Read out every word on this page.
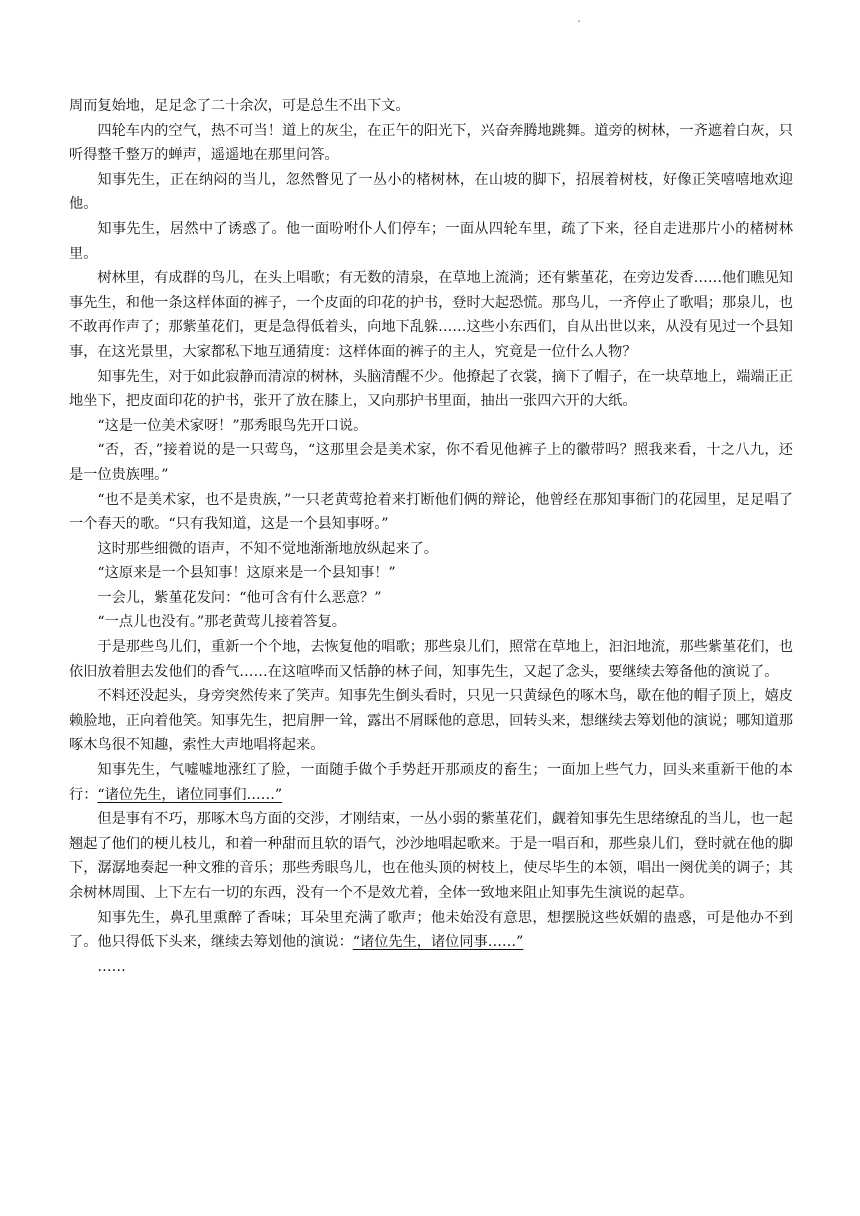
.

周而复始地，足足念了二十余次，可是总生不出下文。

四轮车内的空气，热不可当！道上的灰尘，在正午的阳光下，兴奋奔腾地跳舞。道旁的树林，一齐遮着白灰，只听得整千整万的蝉声，遥遥地在那里问答。

知事先生，正在纳闷的当儿，忽然瞥见了一丛小的楮树林，在山坡的脚下，招展着树枝，好像正笑嘻嘻地欢迎他。

知事先生，居然中了诱惑了。他一面吩咐仆人们停车；一面从四轮车里，疏了下来，径自走进那片小的楮树林里。

树林里，有成群的鸟儿，在头上唱歌；有无数的清泉，在草地上流淌；还有紫堇花，在旁边发香……他们瞧见知事先生，和他一条这样体面的裤子，一个皮面的印花的护书，登时大起恐慌。那鸟儿，一齐停止了歌唱；那泉儿，也不敢再作声了；那紫堇花们，更是急得低着头，向地下乱躲……这些小东西们，自从出世以来，从没有见过一个县知事，在这光景里，大家都私下地互通猜度：这样体面的裤子的主人，究竟是一位什么人物？

知事先生，对于如此寂静而清凉的树林，头脑清醒不少。他撩起了衣裳，摘下了帽子，在一块草地上，端端正正地坐下，把皮面印花的护书，张开了放在膝上，又向那护书里面，抽出一张四六开的大纸。

“这是一位美术家呀！”那秀眼鸟先开口说。

“否，否，”接着说的是一只莺鸟，“这那里会是美术家，你不看见他裤子上的徽带吗？照我来看，十之八九，还是一位贵族哩。”

“也不是美术家，也不是贵族，”一只老黄莺抢着来打断他们俩的辩论，他曾经在那知事衙门的花园里，足足唱了一个春天的歌。“只有我知道，这是一个县知事呀。”

这时那些细微的语声，不知不觉地渐渐地放纵起来了。

“这原来是一个县知事！这原来是一个县知事！”

一会儿，紫堇花发问：“他可含有什么恶意？”

“一点儿也没有。”那老黄莺儿接着答复。

于是那些鸟儿们，重新一个个地，去恢复他的唱歌；那些泉儿们，照常在草地上，汩汩地流，那些紫堇花们，也依旧放着胆去发他们的香气……在这喧哗而又恬静的林子间，知事先生，又起了念头，要继续去筹备他的演说了。

不料还没起头，身旁突然传来了笑声。知事先生倒头看时，只见一只黄绿色的啄木鸟，歇在他的帽子顶上，嬉皮赖脸地，正向着他笑。知事先生，把肩胛一耸，露出不屑睬他的意思，回转头来，想继续去筹划他的演说；哪知道那啄木鸟很不知趣，索性大声地唱将起来。

知事先生，气嘘嘘地涨红了脸，一面随手做个手势赶开那顽皮的畜生；一面加上些气力，回头来重新干他的本行：“诸位先生，诸位同事们……”

但是事有不巧，那啄木鸟方面的交涉，才刚结束，一丛小弱的紫堇花们，觑着知事先生思绪缭乱的当儿，也一起翘起了他们的梗儿枝儿，和着一种甜而且软的语气，沙沙地唱起歌来。于是一唱百和，那些泉儿们，登时就在他的脚下，潺潺地奏起一种文雅的音乐；那些秀眼鸟儿，也在他头顶的树枝上，使尽毕生的本领，唱出一阕优美的调子；其余树林周围、上下左右一切的东西，没有一个不是效尤着，全体一致地来阻止知事先生演说的起草。

知事先生，鼻孔里熏醉了香味；耳朵里充满了歌声；他未始没有意思，想摆脱这些妖媚的蛊惑，可是他办不到了。他只得低下头来，继续去筹划他的演说：“诸位先生，诸位同事……”

……
